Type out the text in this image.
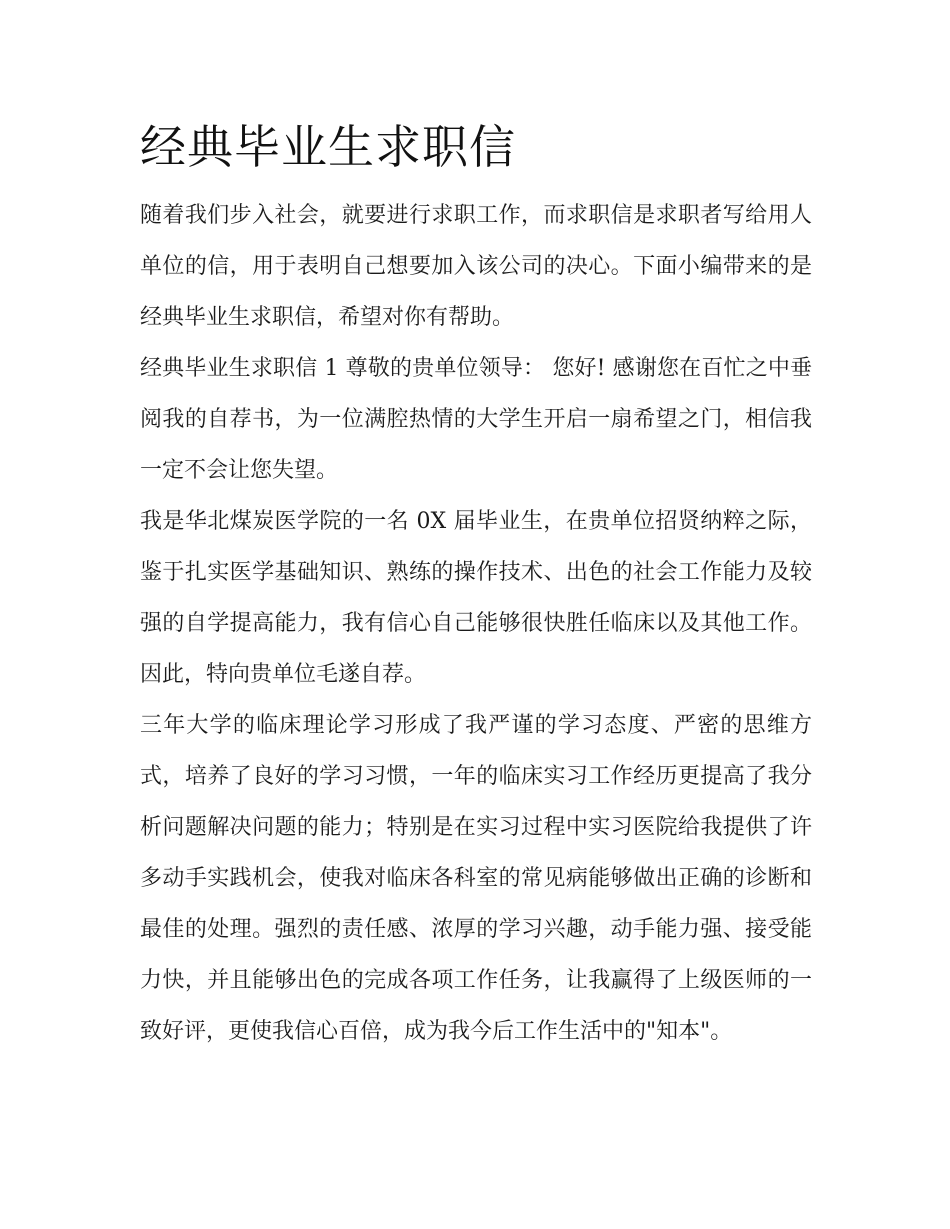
经典毕业生求职信

随着我们步入社会，就要进行求职工作，而求职信是求职者写给用人单位的信，用于表明自己想要加入该公司的决心。下面小编带来的是经典毕业生求职信，希望对你有帮助。

经典毕业生求职信 1 尊敬的贵单位领导： 您好! 感谢您在百忙之中垂阅我的自荐书，为一位满腔热情的大学生开启一扇希望之门，相信我一定不会让您失望。

我是华北煤炭医学院的一名 0X 届毕业生，在贵单位招贤纳粹之际，鉴于扎实医学基础知识、熟练的操作技术、出色的社会工作能力及较强的自学提高能力，我有信心自己能够很快胜任临床以及其他工作。因此，特向贵单位毛遂自荐。

三年大学的临床理论学习形成了我严谨的学习态度、严密的思维方式，培养了良好的学习习惯，一年的临床实习工作经历更提高了我分析问题解决问题的能力；特别是在实习过程中实习医院给我提供了许多动手实践机会，使我对临床各科室的常见病能够做出正确的诊断和最佳的处理。强烈的责任感、浓厚的学习兴趣，动手能力强、接受能力快，并且能够出色的完成各项工作任务，让我赢得了上级医师的一致好评，更使我信心百倍，成为我今后工作生活中的"知本"。
